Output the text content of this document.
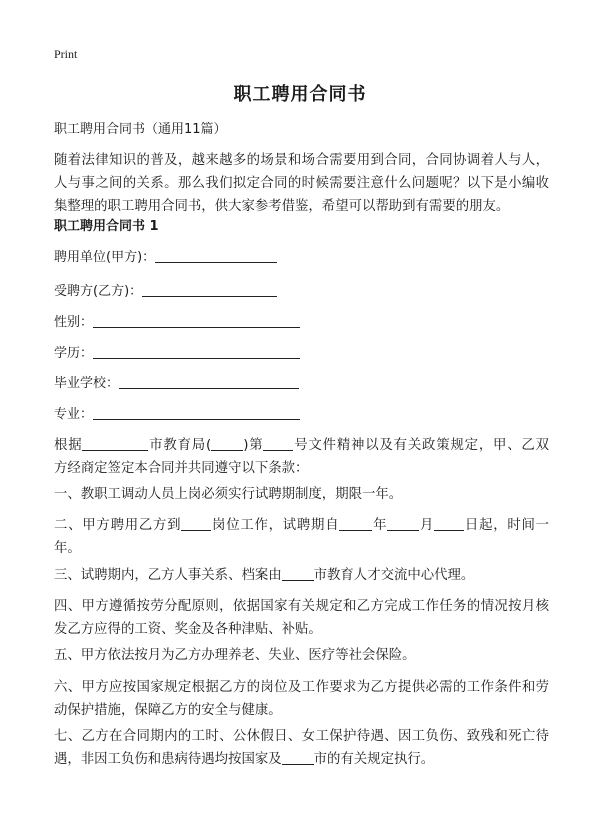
Print
职工聘用合同书
职工聘用合同书（通用11篇）
随着法律知识的普及，越来越多的场景和场合需要用到合同，合同协调着人与人，
人与事之间的关系。那么我们拟定合同的时候需要注意什么问题呢？以下是小编收
集整理的职工聘用合同书，供大家参考借鉴，希望可以帮助到有需要的朋友。
职工聘用合同书 1
聘用单位(甲方)：
受聘方(乙方)：
性别：
学历：
毕业学校：
专业：
根据	市教育局( )第 号文件精神以及有关政策规定，甲、乙双
方经商定签定本合同并共同遵守以下条款：
一、教职工调动人员上岗必须实行试聘期制度，期限一年。
二、甲方聘用乙方到 岗位工作，试聘期自 年 月 日起，时间一
年。
三、试聘期内，乙方人事关系、档案由 市教育人才交流中心代理。
四、甲方遵循按劳分配原则，依据国家有关规定和乙方完成工作任务的情况按月核
发乙方应得的工资、奖金及各种津贴、补贴。
五、甲方依法按月为乙方办理养老、失业、医疗等社会保险。
六、甲方应按国家规定根据乙方的岗位及工作要求为乙方提供必需的工作条件和劳
动保护措施，保障乙方的安全与健康。
七、乙方在合同期内的工时、公休假日、女工保护待遇、因工负伤、致残和死亡待
遇，非因工负伤和患病待遇均按国家及 市的有关规定执行。
